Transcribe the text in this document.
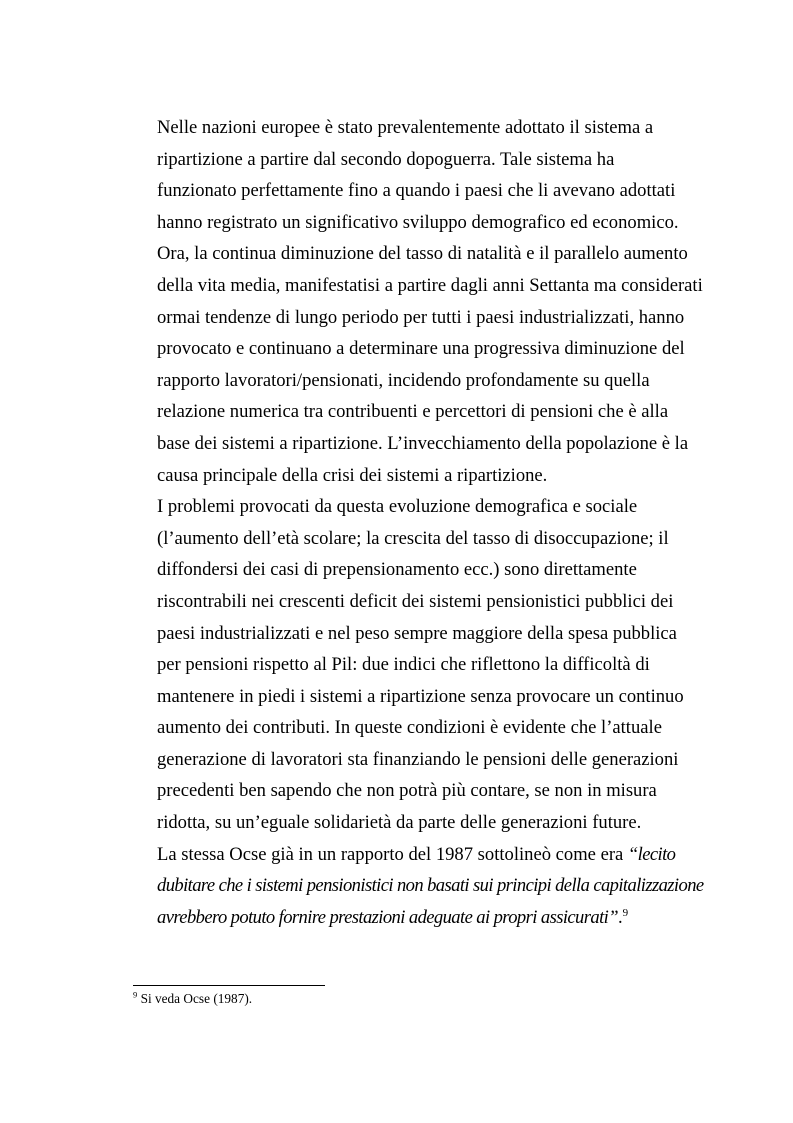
Nelle nazioni europee è stato prevalentemente adottato il sistema a
ripartizione a partire dal secondo dopoguerra. Tale sistema ha
funzionato perfettamente fino a quando i paesi che li avevano adottati
hanno registrato un significativo sviluppo demografico ed economico.
Ora, la continua diminuzione del tasso di natalità e il parallelo aumento
della vita media, manifestatisi a partire dagli anni Settanta ma considerati
ormai tendenze di lungo periodo per tutti i paesi industrializzati, hanno
provocato e continuano a determinare una progressiva diminuzione del
rapporto lavoratori/pensionati, incidendo profondamente su quella
relazione numerica tra contribuenti e percettori di pensioni che è alla
base dei sistemi a ripartizione. L’invecchiamento della popolazione è la
causa principale della crisi dei sistemi a ripartizione.
I problemi provocati da questa evoluzione demografica e sociale
(l’aumento dell’età scolare; la crescita del tasso di disoccupazione; il
diffondersi dei casi di prepensionamento ecc.) sono direttamente
riscontrabili nei crescenti deficit dei sistemi pensionistici pubblici dei
paesi industrializzati e nel peso sempre maggiore della spesa pubblica
per pensioni rispetto al Pil: due indici che riflettono la difficoltà di
mantenere in piedi i sistemi a ripartizione senza provocare un continuo
aumento dei contributi. In queste condizioni è evidente che l’attuale
generazione di lavoratori sta finanziando le pensioni delle generazioni
precedenti ben sapendo che non potrà più contare, se non in misura
ridotta, su un’eguale solidarietà da parte delle generazioni future.
La stessa Ocse già in un rapporto del 1987 sottolineò come era “lecito
dubitare che i sistemi pensionistici non basati sui principi della capitalizzazione
avrebbero potuto fornire prestazioni adeguate ai propri assicurati”.$^9$
$^9$ Si veda Ocse (1987).
